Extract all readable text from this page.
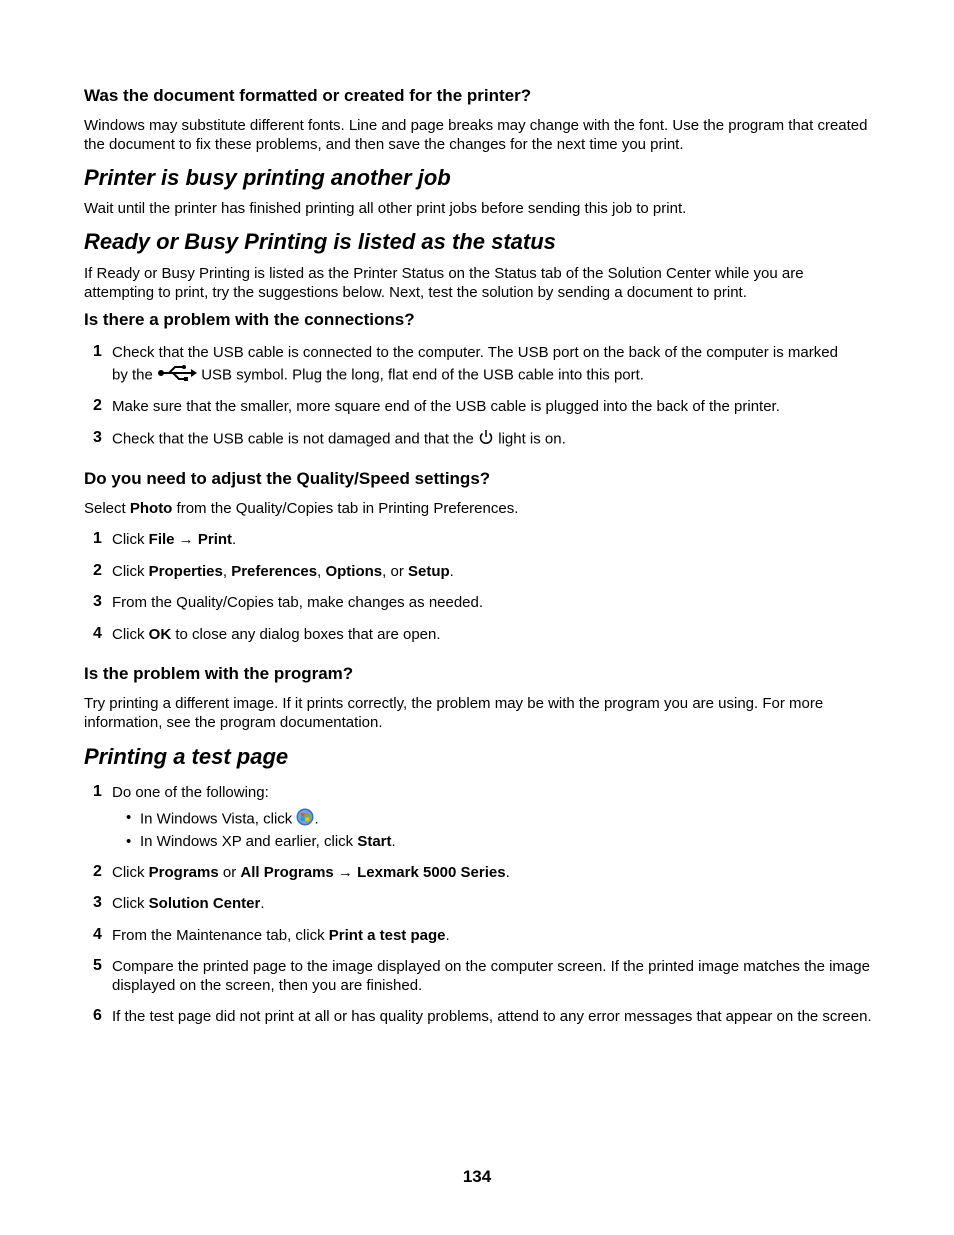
Was the document formatted or created for the printer?
Windows may substitute different fonts. Line and page breaks may change with the font. Use the program that created the document to fix these problems, and then save the changes for the next time you print.
Printer is busy printing another job
Wait until the printer has finished printing all other print jobs before sending this job to print.
Ready or Busy Printing is listed as the status
If Ready or Busy Printing is listed as the Printer Status on the Status tab of the Solution Center while you are attempting to print, try the suggestions below. Next, test the solution by sending a document to print.
Is there a problem with the connections?
1 Check that the USB cable is connected to the computer. The USB port on the back of the computer is marked
by the	USB symbol. Plug the long, flat end of the USB cable into this port.
2 Make sure that the smaller, more square end of the USB cable is plugged into the back of the printer.
3 Check that the USB cable is not damaged and that the light is on.
Do you need to adjust the Quality/Speed settings?
Select Photo from the Quality/Copies tab in Printing Preferences.
1 Click File → Print.
2 Click Properties, Preferences, Options, or Setup.
3 From the Quality/Copies tab, make changes as needed.
4 Click OK to close any dialog boxes that are open.
Is the problem with the program?
Try printing a different image. If it prints correctly, the problem may be with the program you are using. For more information, see the program documentation.
Printing a test page
1 Do one of the following:
• In Windows Vista, click .
• In Windows XP and earlier, click Start.
2 Click Programs or All Programs → Lexmark 5000 Series.
3 Click Solution Center.
4 From the Maintenance tab, click Print a test page.
5 Compare the printed page to the image displayed on the computer screen. If the printed image matches the image displayed on the screen, then you are finished.
6 If the test page did not print at all or has quality problems, attend to any error messages that appear on the screen.
134
